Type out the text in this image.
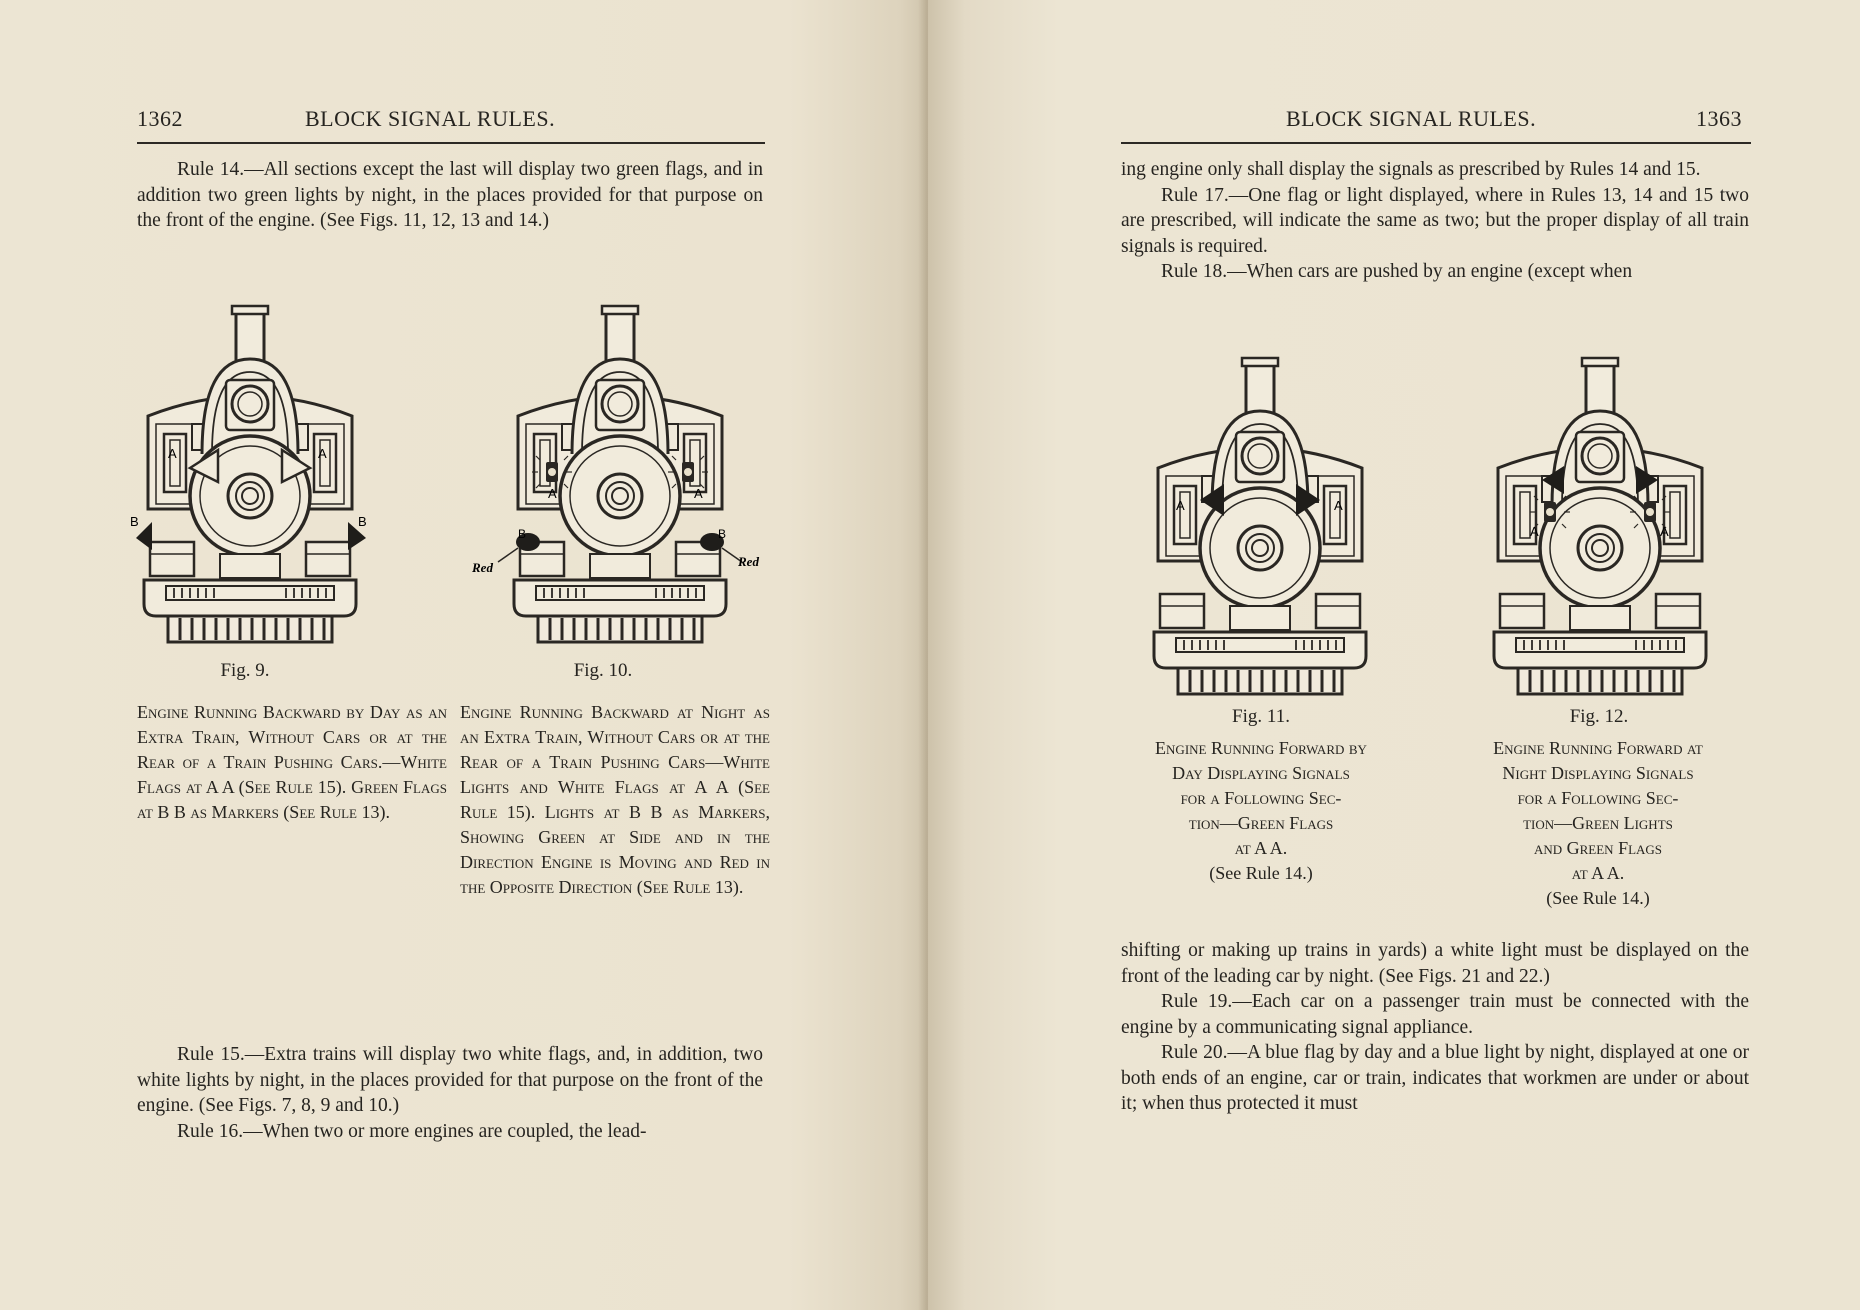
1362	BLOCK SIGNAL RULES.

Rule 14.—All sections except the last will display two green flags, and in addition two green lights by night, in the places provided for that purpose on the front of the engine. (See Figs. 11, 12, 13 and 14.)

A	A
B	B
Fig. 9.
A	A
B	B
Red	Red
Fig. 10.
Engine Running Backward by Day as an Extra Train, Without Cars or at the Rear of a Train Pushing Cars.—White Flags at A A (See Rule 15). Green Flags at B B as Markers (See Rule 13).
Engine Running Backward at Night as an Extra Train, Without Cars or at the Rear of a Train Pushing Cars—White Lights and White Flags at A A (See Rule 15). Lights at B B as Markers, Showing Green at Side and in the Direction Engine is Moving and Red in the Opposite Direction (See Rule 13).

Rule 15.—Extra trains will display two white flags, and, in addition, two white lights by night, in the places provided for that purpose on the front of the engine. (See Figs. 7, 8, 9 and 10.)

Rule 16.—When two or more engines are coupled, the lead-

BLOCK SIGNAL RULES.	1363

ing engine only shall display the signals as prescribed by Rules 14 and 15.

Rule 17.—One flag or light displayed, where in Rules 13, 14 and 15 two are prescribed, will indicate the same as two; but the proper display of all train signals is required.

Rule 18.—When cars are pushed by an engine (except when

A	A
Fig. 11.
A	A
Fig. 12.
Engine Running Forward by
Day Displaying Signals
for a Following Sec-
tion—Green Flags
at A A.
(See Rule 14.)
Engine Running Forward at
Night Displaying Signals
for a Following Sec-
tion—Green Lights
and Green Flags
at A A.
(See Rule 14.)

shifting or making up trains in yards) a white light must be displayed on the front of the leading car by night. (See Figs. 21 and 22.)

Rule 19.—Each car on a passenger train must be connected with the engine by a communicating signal appliance.

Rule 20.—A blue flag by day and a blue light by night, displayed at one or both ends of an engine, car or train, indicates that workmen are under or about it; when thus protected it must
